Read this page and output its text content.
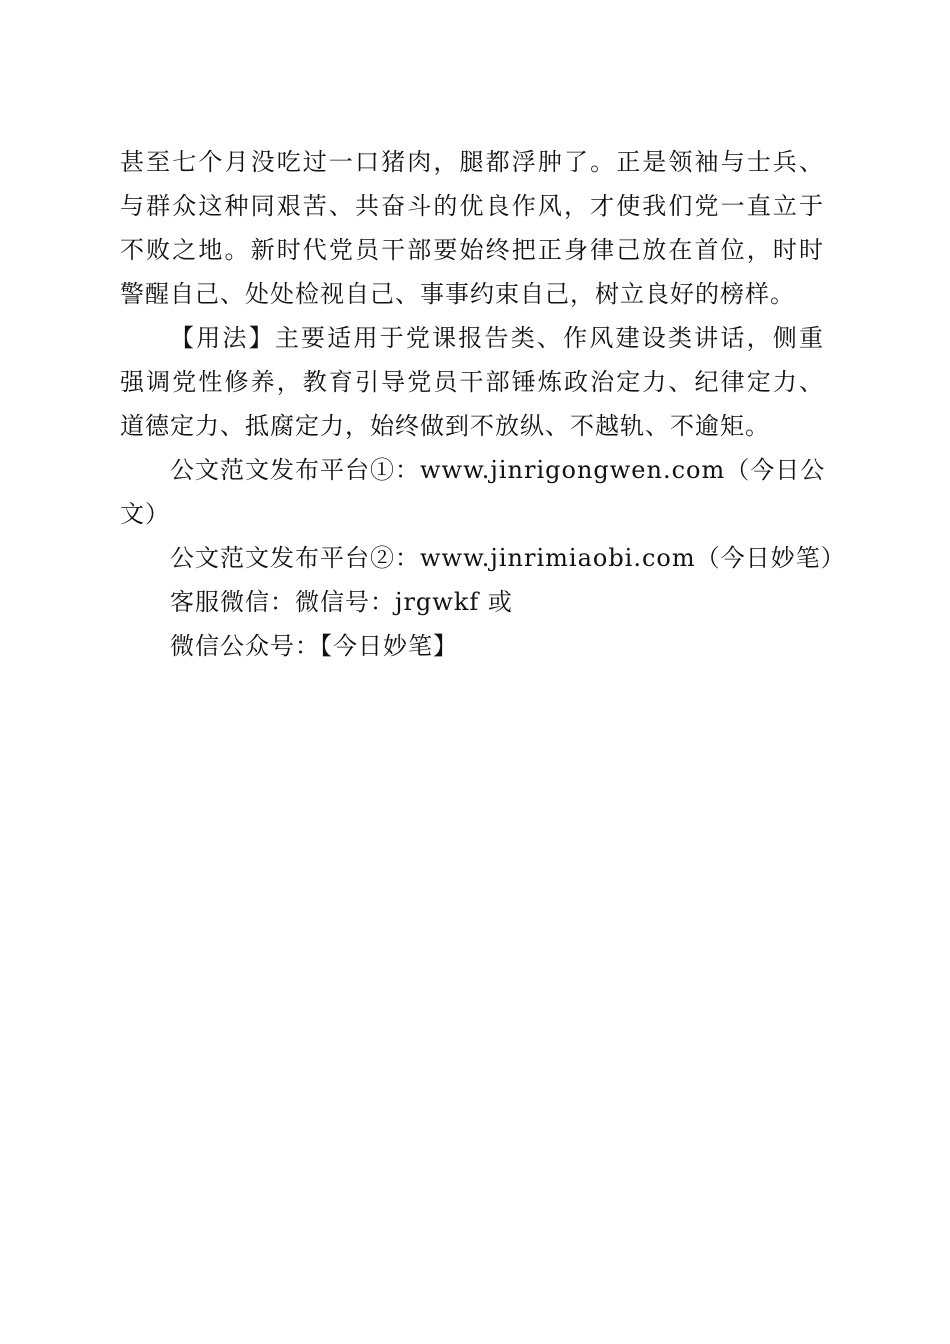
甚至七个月没吃过一口猪肉，腿都浮肿了。正是领袖与士兵、
与群众这种同艰苦、共奋斗的优良作风，才使我们党一直立于
不败之地。新时代党员干部要始终把正身律己放在首位，时时
警醒自己、处处检视自己、事事约束自己，树立良好的榜样。
【用法】主要适用于党课报告类、作风建设类讲话，侧重
强调党性修养，教育引导党员干部锤炼政治定力、纪律定力、
道德定力、抵腐定力，始终做到不放纵、不越轨、不逾矩。
公文范文发布平台①：www.jinrigongwen.com（今日公
文）
公文范文发布平台②：www.jinrimiaobi.com（今日妙笔）
客服微信：微信号：jrgwkf 或
微信公众号：【今日妙笔】
